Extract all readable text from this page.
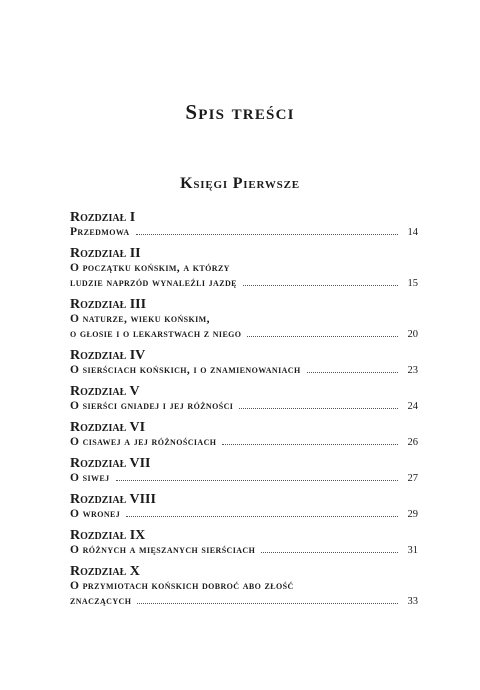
Spis treści
Księgi Pierwsze
Rozdział I
Przedmowa	14
Rozdział II
O początku końskim, a którzy
ludzie naprzód wynaleźli jazdę	15
Rozdział III
O naturze, wieku końskim,
o głosie i o lekarstwach z niego	20
Rozdział IV
O sierściach końskich, i o znamienowaniach	23
Rozdział V
O sierści gniadej i jej różności	24
Rozdział VI
O cisawej a jej różnościach	26
Rozdział VII
O siwej	27
Rozdział VIII
O wronej	29
Rozdział IX
O różnych a mięszanych sierściach	31
Rozdział X
O przymiotach końskich dobroć abo złość
znaczących	33
